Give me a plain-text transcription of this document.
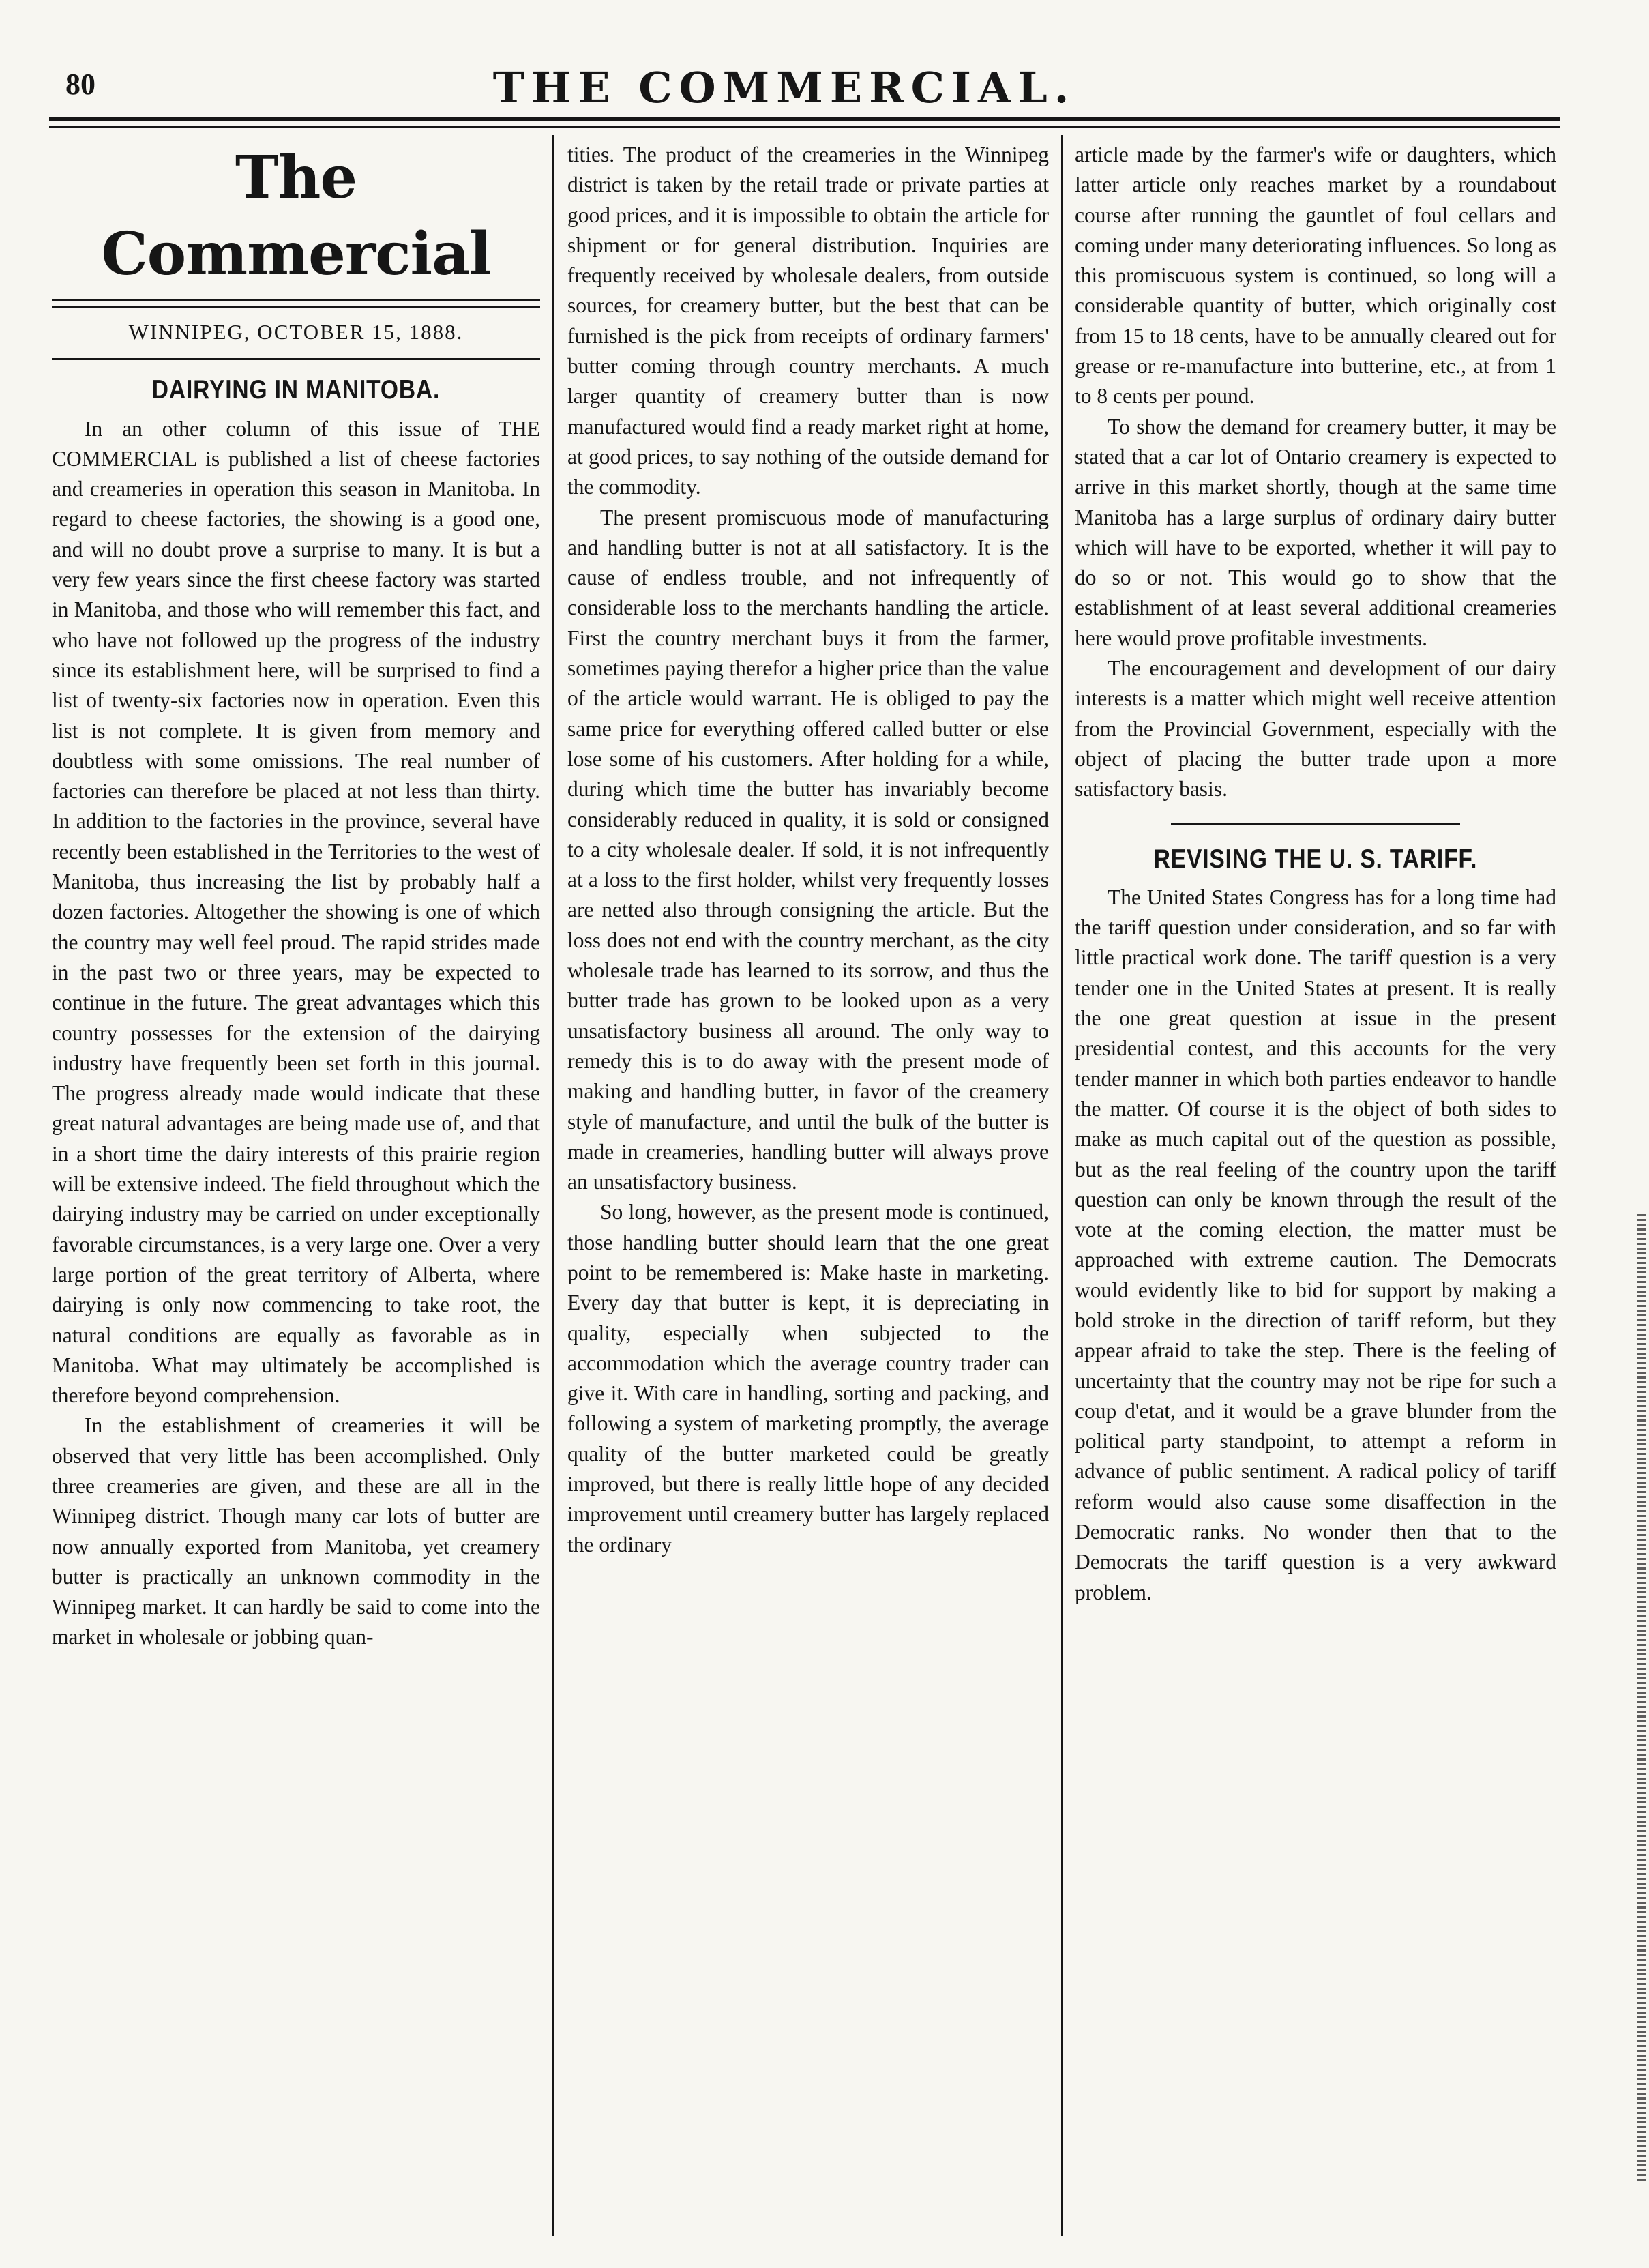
80	THE COMMERCIAL.
The Commercial
WINNIPEG, OCTOBER 15, 1888.
DAIRYING IN MANITOBA.

In an other column of this issue of THE COMMERCIAL is published a list of cheese factories and creameries in operation this season in Manitoba. In regard to cheese factories, the showing is a good one, and will no doubt prove a surprise to many. It is but a very few years since the first cheese factory was started in Manitoba, and those who will remember this fact, and who have not followed up the progress of the industry since its establishment here, will be surprised to find a list of twenty-six factories now in operation. Even this list is not complete. It is given from memory and doubtless with some omissions. The real number of factories can therefore be placed at not less than thirty. In addition to the factories in the province, several have recently been established in the Territories to the west of Manitoba, thus increasing the list by probably half a dozen factories. Altogether the showing is one of which the country may well feel proud. The rapid strides made in the past two or three years, may be expected to continue in the future. The great advantages which this country possesses for the extension of the dairying industry have frequently been set forth in this journal. The progress already made would indicate that these great natural advantages are being made use of, and that in a short time the dairy interests of this prairie region will be extensive indeed. The field throughout which the dairying industry may be carried on under exceptionally favorable circumstances, is a very large one. Over a very large portion of the great territory of Alberta, where dairying is only now commencing to take root, the natural conditions are equally as favorable as in Manitoba. What may ultimately be accomplished is therefore beyond comprehension.

In the establishment of creameries it will be observed that very little has been accomplished. Only three creameries are given, and these are all in the Winnipeg district. Though many car lots of butter are now annually exported from Manitoba, yet creamery butter is practically an unknown commodity in the Winnipeg market. It can hardly be said to come into the market in wholesale or jobbing quan-

tities. The product of the creameries in the Winnipeg district is taken by the retail trade or private parties at good prices, and it is impossible to obtain the article for shipment or for general distribution. Inquiries are frequently received by wholesale dealers, from outside sources, for creamery butter, but the best that can be furnished is the pick from receipts of ordinary farmers' butter coming through country merchants. A much larger quantity of creamery butter than is now manufactured would find a ready market right at home, at good prices, to say nothing of the outside demand for the commodity.

The present promiscuous mode of manufacturing and handling butter is not at all satisfactory. It is the cause of endless trouble, and not infrequently of considerable loss to the merchants handling the article. First the country merchant buys it from the farmer, sometimes paying therefor a higher price than the value of the article would warrant. He is obliged to pay the same price for everything offered called butter or else lose some of his customers. After holding for a while, during which time the butter has invariably become considerably reduced in quality, it is sold or consigned to a city wholesale dealer. If sold, it is not infrequently at a loss to the first holder, whilst very frequently losses are netted also through consigning the article. But the loss does not end with the country merchant, as the city wholesale trade has learned to its sorrow, and thus the butter trade has grown to be looked upon as a very unsatisfactory business all around. The only way to remedy this is to do away with the present mode of making and handling butter, in favor of the creamery style of manufacture, and until the bulk of the butter is made in creameries, handling butter will always prove an unsatisfactory business.

So long, however, as the present mode is continued, those handling butter should learn that the one great point to be remembered is: Make haste in marketing. Every day that butter is kept, it is depreciating in quality, especially when subjected to the accommodation which the average country trader can give it. With care in handling, sorting and packing, and following a system of marketing promptly, the average quality of the butter marketed could be greatly improved, but there is really little hope of any decided improvement until creamery butter has largely replaced the ordinary

article made by the farmer's wife or daughters, which latter article only reaches market by a roundabout course after running the gauntlet of foul cellars and coming under many deteriorating influences. So long as this promiscuous system is continued, so long will a considerable quantity of butter, which originally cost from 15 to 18 cents, have to be annually cleared out for grease or re-manufacture into butterine, etc., at from 1 to 8 cents per pound.

To show the demand for creamery butter, it may be stated that a car lot of Ontario creamery is expected to arrive in this market shortly, though at the same time Manitoba has a large surplus of ordinary dairy butter which will have to be exported, whether it will pay to do so or not. This would go to show that the establishment of at least several additional creameries here would prove profitable investments.

The encouragement and development of our dairy interests is a matter which might well receive attention from the Provincial Government, especially with the object of placing the butter trade upon a more satisfactory basis.

REVISING THE U. S. TARIFF.

The United States Congress has for a long time had the tariff question under consideration, and so far with little practical work done. The tariff question is a very tender one in the United States at present. It is really the one great question at issue in the present presidential contest, and this accounts for the very tender manner in which both parties endeavor to handle the matter. Of course it is the object of both sides to make as much capital out of the question as possible, but as the real feeling of the country upon the tariff question can only be known through the result of the vote at the coming election, the matter must be approached with extreme caution. The Democrats would evidently like to bid for support by making a bold stroke in the direction of tariff reform, but they appear afraid to take the step. There is the feeling of uncertainty that the country may not be ripe for such a coup d'etat, and it would be a grave blunder from the political party standpoint, to attempt a reform in advance of public sentiment. A radical policy of tariff reform would also cause some disaffection in the Democratic ranks. No wonder then that to the Democrats the tariff question is a very awkward problem.
